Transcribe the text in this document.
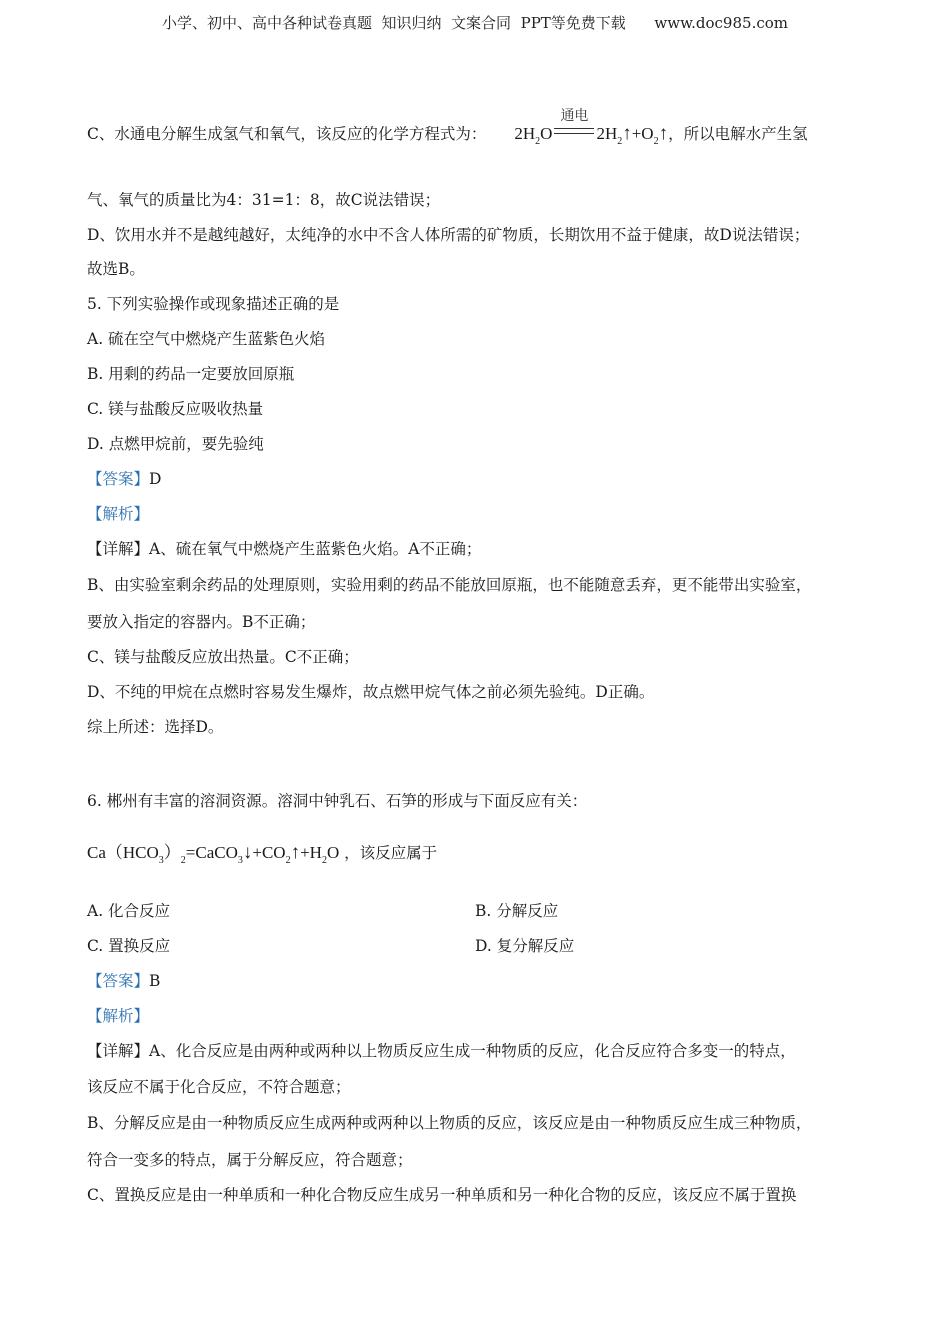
小学、初中、高中各种试卷真题  知识归纳  文案合同  PPT等免费下载      www.doc985.com
C、水通电分解生成氢气和氧气，该反应的化学方程式为： $2H_2O$
通电
$2H_2↑+O_2↑$，所以电解水产生氢
气、氧气的质量比为4：31=1：8，故C说法错误；
D、饮用水并不是越纯越好，太纯净的水中不含人体所需的矿物质，长期饮用不益于健康，故D说法错误；
故选B。
5. 下列实验操作或现象描述正确的是
A. 硫在空气中燃烧产生蓝紫色火焰
B. 用剩的药品一定要放回原瓶
C. 镁与盐酸反应吸收热量
D. 点燃甲烷前，要先验纯
【答案】D
【解析】
【详解】A、硫在氧气中燃烧产生蓝紫色火焰。A不正确；
B、由实验室剩余药品的处理原则，实验用剩的药品不能放回原瓶，也不能随意丢弃，更不能带出实验室，
要放入指定的容器内。B不正确；
C、镁与盐酸反应放出热量。C不正确；
D、不纯的甲烷在点燃时容易发生爆炸，故点燃甲烷气体之前必须先验纯。D正确。
综上所述：选择D。
6. 郴州有丰富的溶洞资源。溶洞中钟乳石、石笋的形成与下面反应有关：
$Ca(HCO_3)_2=CaCO_3↓+CO_2↑+H_2O$ ，该反应属于
A. 化合反应	B. 分解反应
C. 置换反应	D. 复分解反应
【答案】B
【解析】
【详解】A、化合反应是由两种或两种以上物质反应生成一种物质的反应，化合反应符合多变一的特点，
该反应不属于化合反应，不符合题意；
B、分解反应是由一种物质反应生成两种或两种以上物质的反应，该反应是由一种物质反应生成三种物质，
符合一变多的特点，属于分解反应，符合题意；
C、置换反应是由一种单质和一种化合物反应生成另一种单质和另一种化合物的反应，该反应不属于置换
